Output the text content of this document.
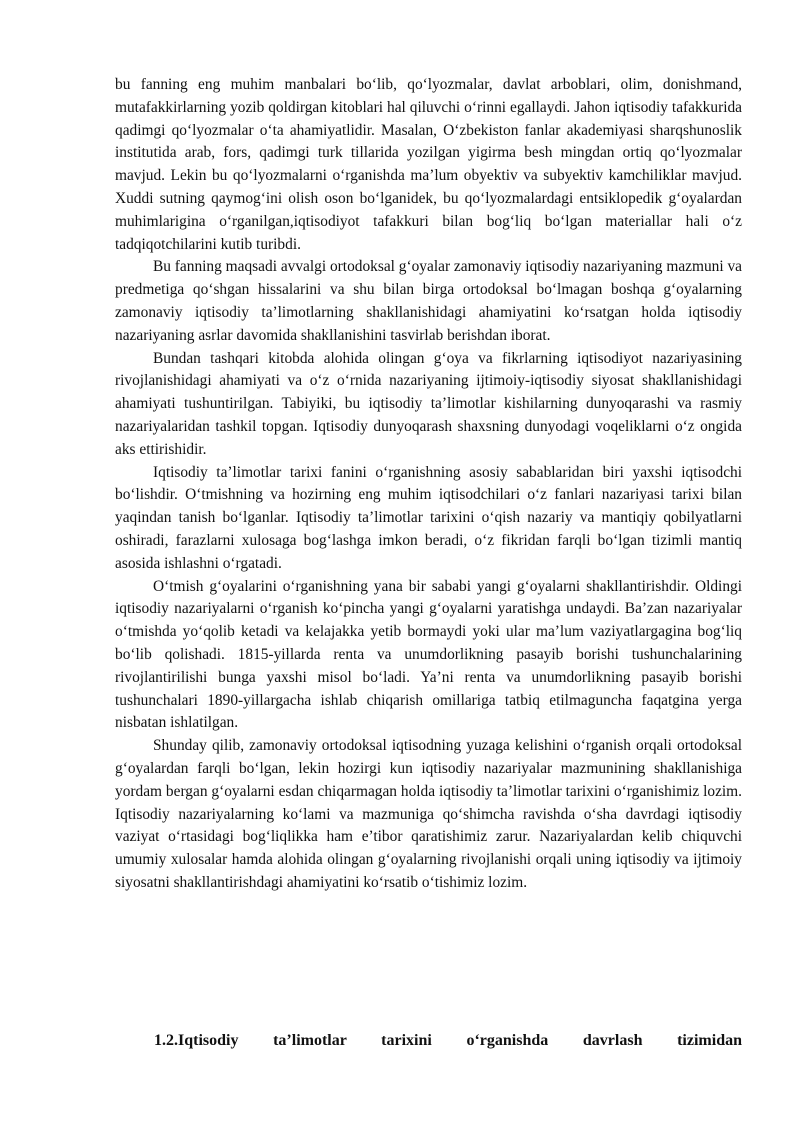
bu fanning eng muhim manbalari bo‘lib, qo‘lyozmalar, davlat arboblari, olim, donishmand, mutafakkirlarning yozib qoldirgan kitoblari hal qiluvchi o‘rinni egallaydi. Jahon iqtisodiy tafakkurida qadimgi qo‘lyozmalar o‘ta ahamiyatlidir. Masalan, O‘zbekiston fanlar akademiyasi sharqshunoslik institutida arab, fors, qadimgi turk tillarida yozilgan yigirma besh mingdan ortiq qo‘lyozmalar mavjud. Lekin bu qo‘lyozmalarni o‘rganishda ma’lum obyektiv va subyektiv kamchiliklar mavjud. Xuddi sutning qaymog‘ini olish oson bo‘lganidek, bu qo‘lyozmalardagi entsiklopedik g‘oyalardan muhimlarigina o‘rganilgan,iqtisodiyot tafakkuri bilan bog‘liq bo‘lgan materiallar hali o‘z tadqiqotchilarini kutib turibdi.

Bu fanning maqsadi avvalgi ortodoksal g‘oyalar zamonaviy iqtisodiy nazariyaning mazmuni va predmetiga qo‘shgan hissalarini va shu bilan birga ortodoksal bo‘lmagan boshqa g‘oyalarning zamonaviy iqtisodiy ta’limotlarning shakllanishidagi ahamiyatini ko‘rsatgan holda iqtisodiy nazariyaning asrlar davomida shakllanishini tasvirlab berishdan iborat.

Bundan tashqari kitobda alohida olingan g‘oya va fikrlarning iqtisodiyot nazariyasining rivojlanishidagi ahamiyati va o‘z o‘rnida nazariyaning ijtimoiy-iqtisodiy siyosat shakllanishidagi ahamiyati tushuntirilgan. Tabiyiki, bu iqtisodiy ta’limotlar kishilarning dunyoqarashi va rasmiy nazariyalaridan tashkil topgan. Iqtisodiy dunyoqarash shaxsning dunyodagi voqeliklarni o‘z ongida aks ettirishidir.

Iqtisodiy ta’limotlar tarixi fanini o‘rganishning asosiy sabablaridan biri yaxshi iqtisodchi bo‘lishdir. O‘tmishning va hozirning eng muhim iqtisodchilari o‘z fanlari nazariyasi tarixi bilan yaqindan tanish bo‘lganlar. Iqtisodiy ta’limotlar tarixini o‘qish nazariy va mantiqiy qobilyatlarni oshiradi, farazlarni xulosaga bog‘lashga imkon beradi, o‘z fikridan farqli bo‘lgan tizimli mantiq asosida ishlashni o‘rgatadi.

O‘tmish g‘oyalarini o‘rganishning yana bir sababi yangi g‘oyalarni shakllantirishdir. Oldingi iqtisodiy nazariyalarni o‘rganish ko‘pincha yangi g‘oyalarni yaratishga undaydi. Ba’zan nazariyalar o‘tmishda yo‘qolib ketadi va kelajakka yetib bormaydi yoki ular ma’lum vaziyatlargagina bog‘liq bo‘lib qolishadi. 1815-yillarda renta va unumdorlikning pasayib borishi tushunchalarining rivojlantirilishi bunga yaxshi misol bo‘ladi. Ya’ni renta va unumdorlikning pasayib borishi tushunchalari 1890-yillargacha ishlab chiqarish omillariga tatbiq etilmaguncha faqatgina yerga nisbatan ishlatilgan.

Shunday qilib, zamonaviy ortodoksal iqtisodning yuzaga kelishini o‘rganish orqali ortodoksal g‘oyalardan farqli bo‘lgan, lekin hozirgi kun iqtisodiy nazariyalar mazmunining shakllanishiga yordam bergan g‘oyalarni esdan chiqarmagan holda iqtisodiy ta’limotlar tarixini o‘rganishimiz lozim. Iqtisodiy nazariyalarning ko‘lami va mazmuniga qo‘shimcha ravishda o‘sha davrdagi iqtisodiy vaziyat o‘rtasidagi bog‘liqlikka ham e’tibor qaratishimiz zarur. Nazariyalardan kelib chiquvchi umumiy xulosalar hamda alohida olingan g‘oyalarning rivojlanishi orqali uning iqtisodiy va ijtimoiy siyosatni shakllantirishdagi ahamiyatini ko‘rsatib o‘tishimiz lozim.

1.2.Iqtisodiy ta’limotlar tarixini o‘rganishda davrlash tizimidan
